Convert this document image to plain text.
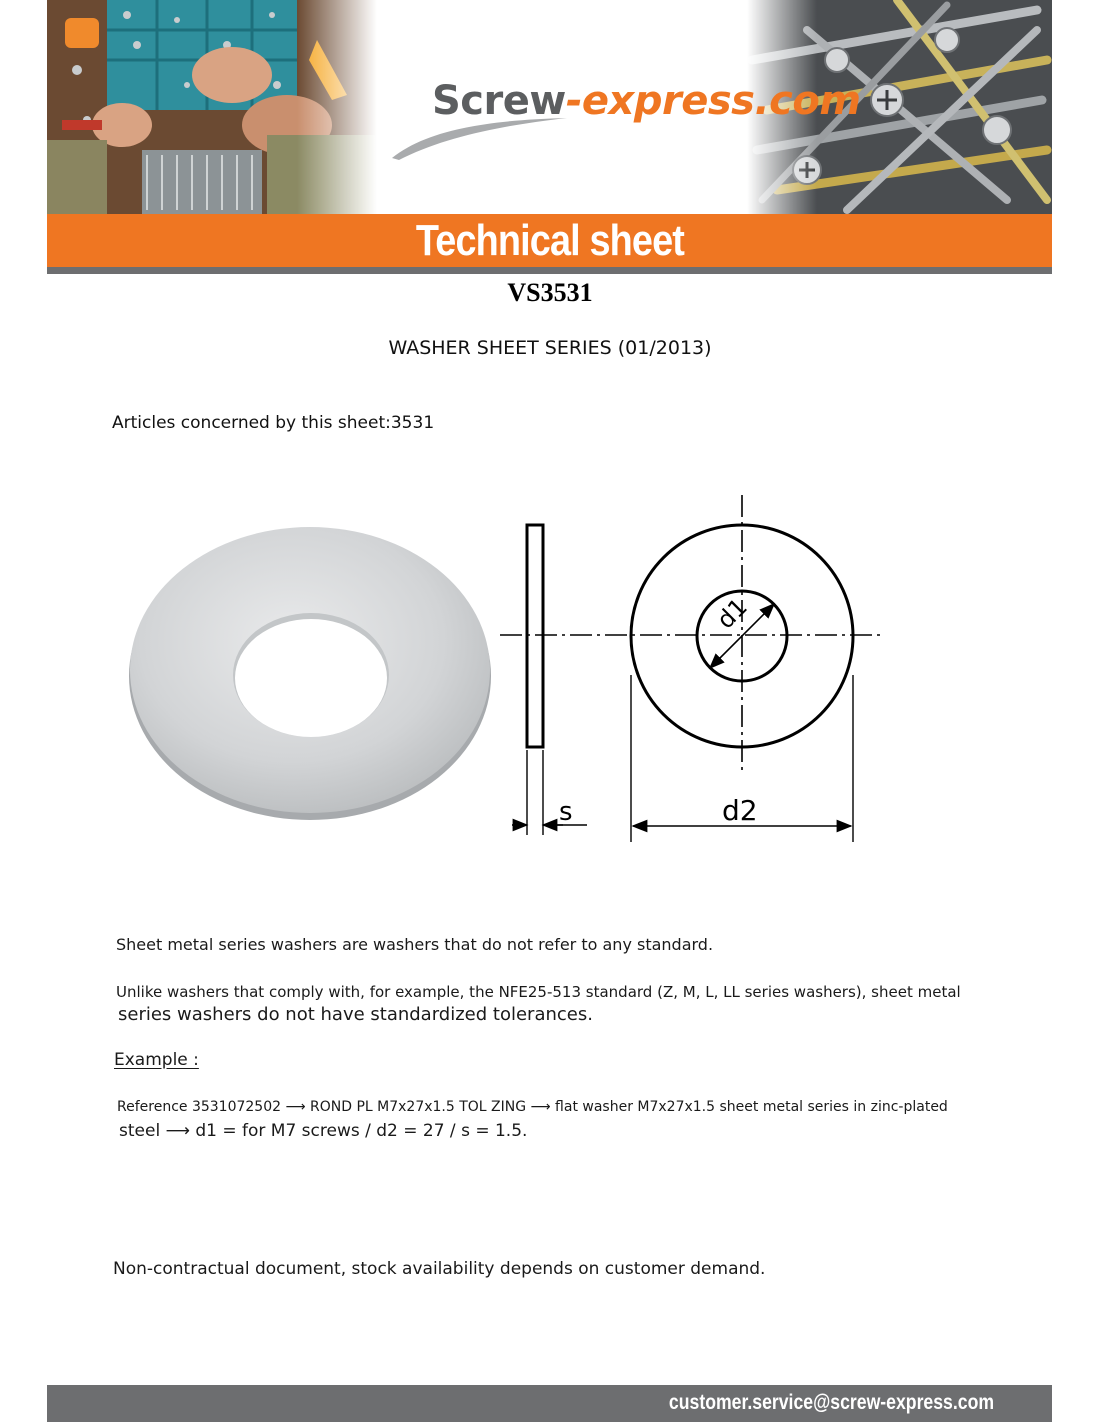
Screw-express.com
Technical sheet
VS3531
WASHER SHEET SERIES (01/2013)
Articles concerned by this sheet:3531
d1
s	d2
Sheet metal series washers are washers that do not refer to any standard.
Unlike washers that comply with, for example, the NFE25-513 standard (Z, M, L, LL series washers), sheet metal
series washers do not have standardized tolerances.
Example :
Reference 3531072502 ⟶ ROND PL M7x27x1.5 TOL ZING ⟶ flat washer M7x27x1.5 sheet metal series in zinc-plated
steel ⟶ d1 = for M7 screws / d2 = 27 / s = 1.5.
Non-contractual document, stock availability depends on customer demand.
customer.service@screw-express.com
